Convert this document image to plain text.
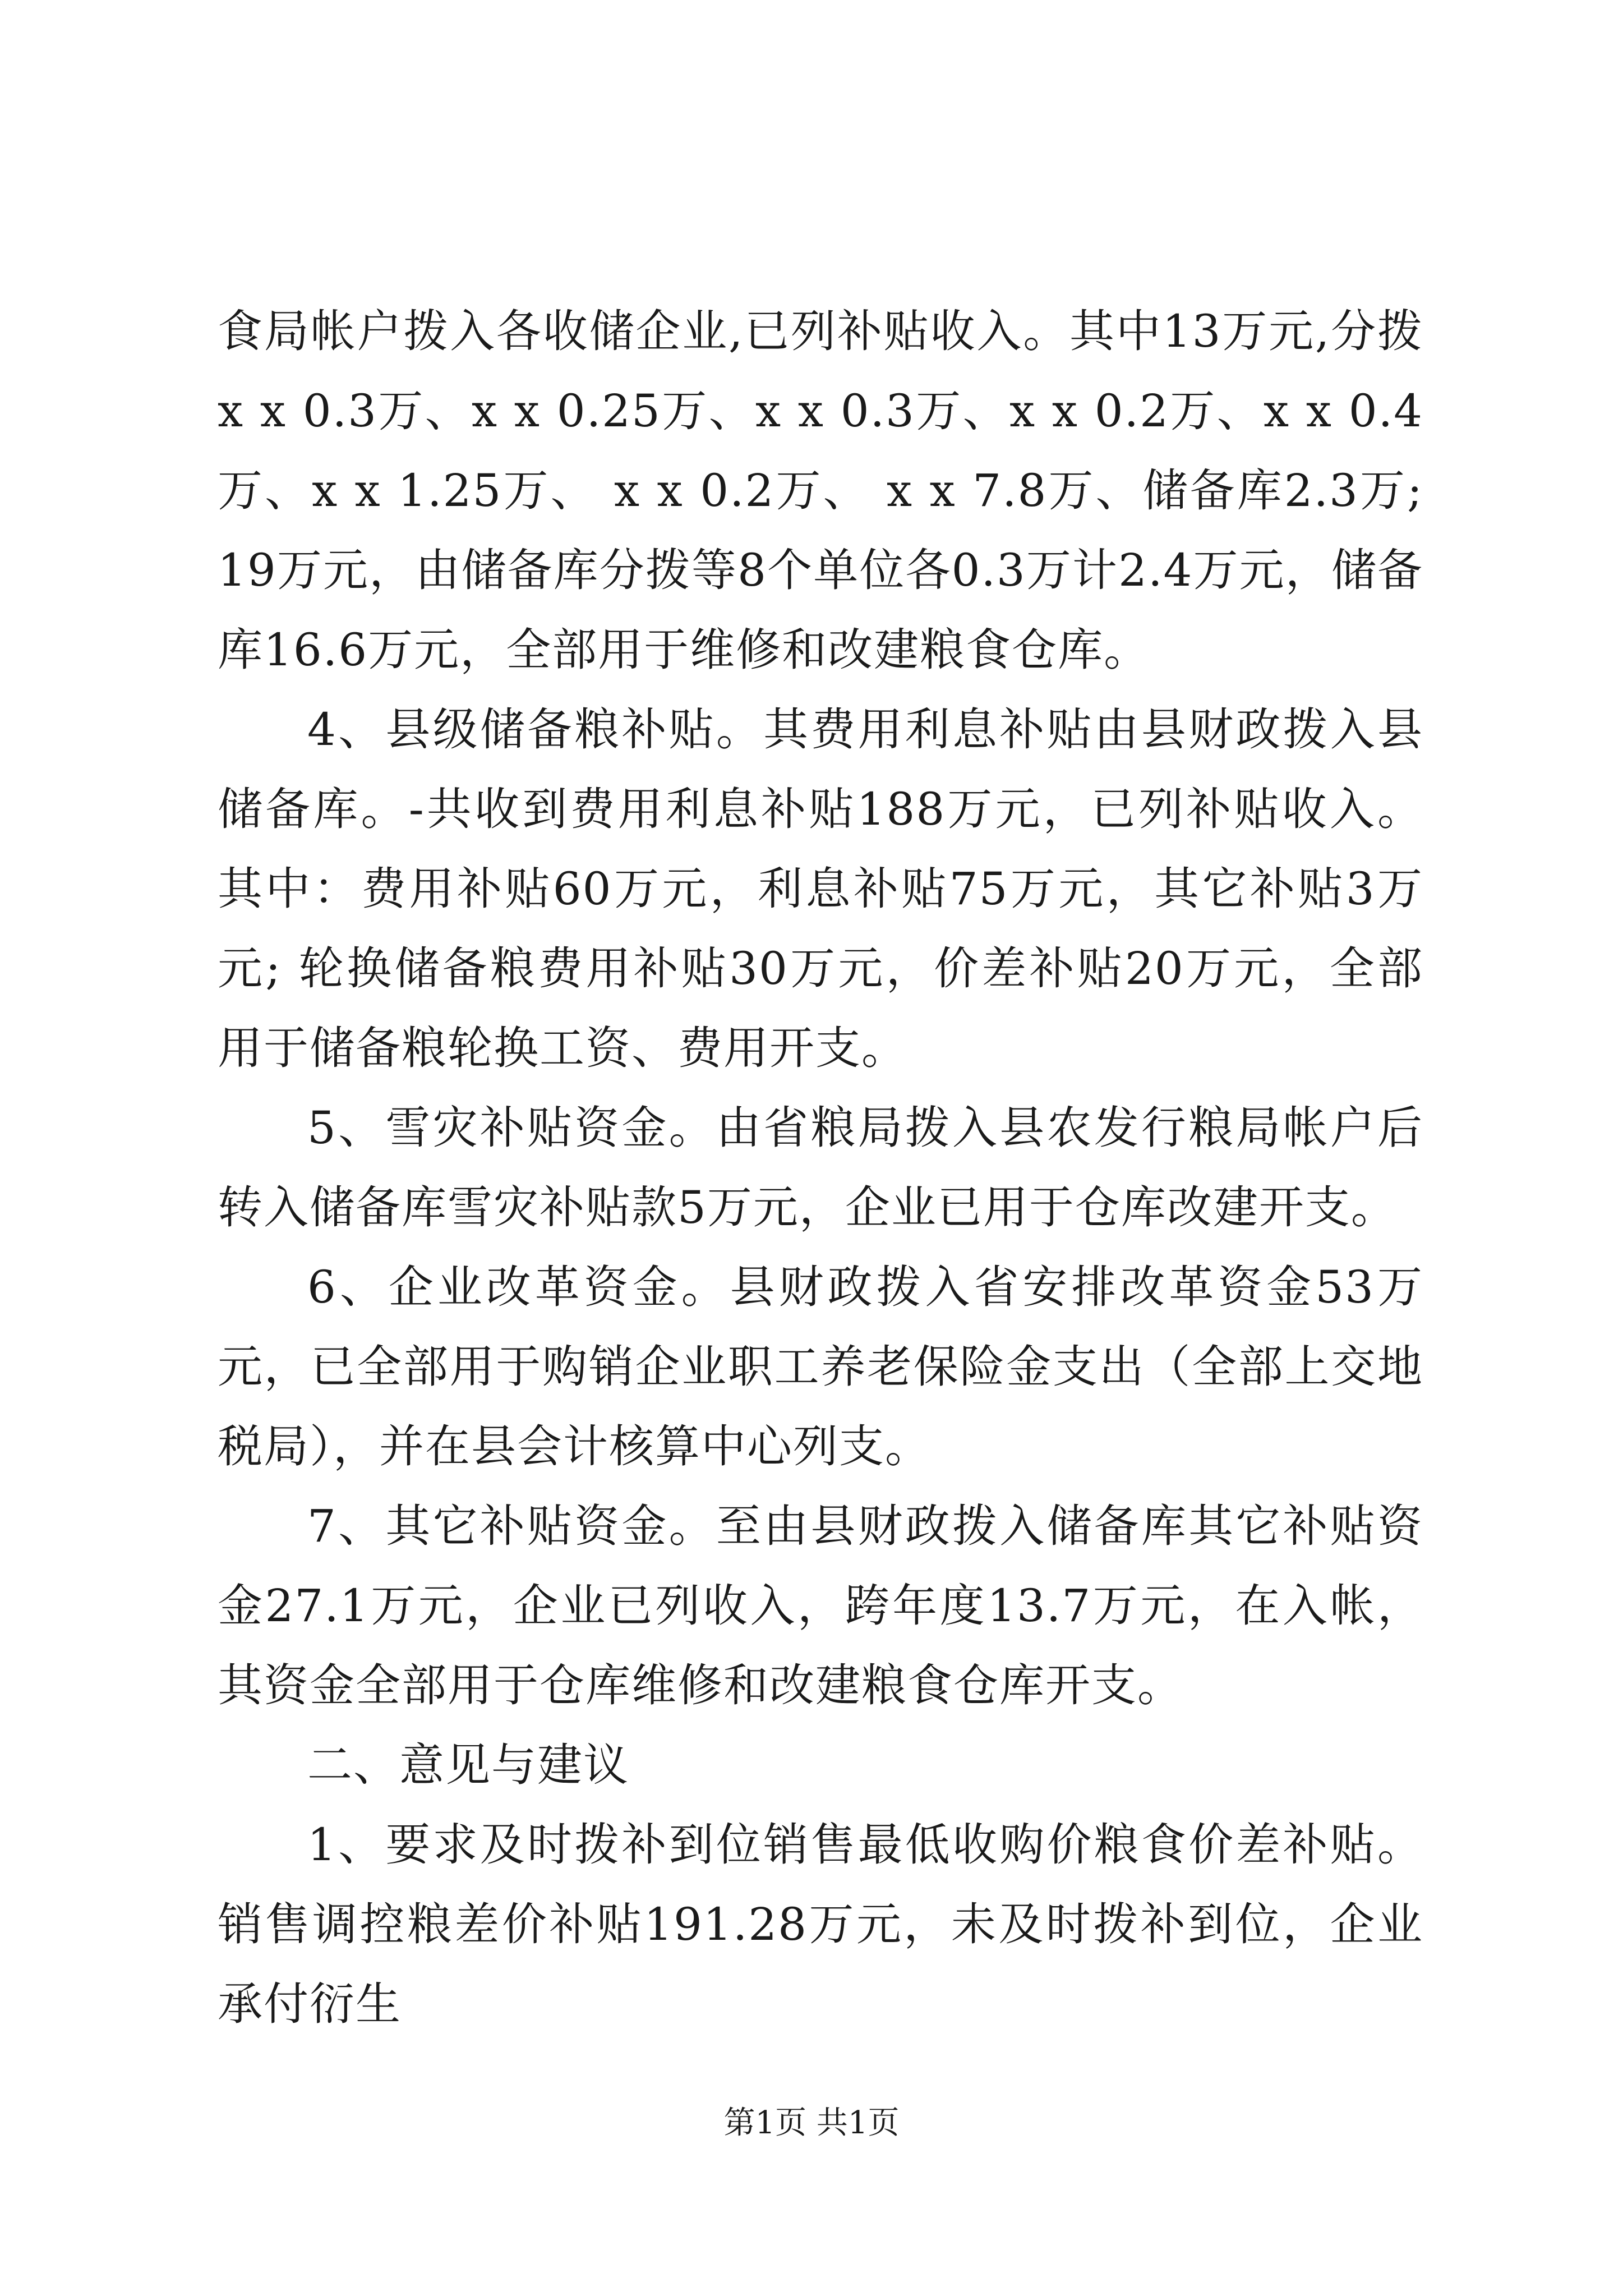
食局帐户拨入各收储企业,已列补贴收入。其中13万元,分拨x x 0.3万、x x 0.25万、x x 0.3万、x x 0.2万、x x 0.4万、x x 1.25万、 x x 0.2万、 x x 7.8万、储备库2.3万; 19万元，由储备库分拨等8个单位各0.3万计2.4万元，储备库16.6万元，全部用于维修和改建粮食仓库。

4、县级储备粮补贴。其费用利息补贴由县财政拨入县储备库。-共收到费用利息补贴188万元，已列补贴收入。其中：费用补贴60万元，利息补贴75万元，其它补贴3万元; 轮换储备粮费用补贴30万元，价差补贴20万元，全部用于储备粮轮换工资、费用开支。

5、雪灾补贴资金。由省粮局拨入县农发行粮局帐户后转入储备库雪灾补贴款5万元，企业已用于仓库改建开支。

6、企业改革资金。县财政拨入省安排改革资金53万元，已全部用于购销企业职工养老保险金支出（全部上交地税局），并在县会计核算中心列支。

7、其它补贴资金。至由县财政拨入储备库其它补贴资金27.1万元，企业已列收入，跨年度13.7万元，在入帐，其资金全部用于仓库维修和改建粮食仓库开支。

二、意见与建议

1、要求及时拨补到位销售最低收购价粮食价差补贴。销售调控粮差价补贴191.28万元，未及时拨补到位，企业承付衍生

第1页 共1页
